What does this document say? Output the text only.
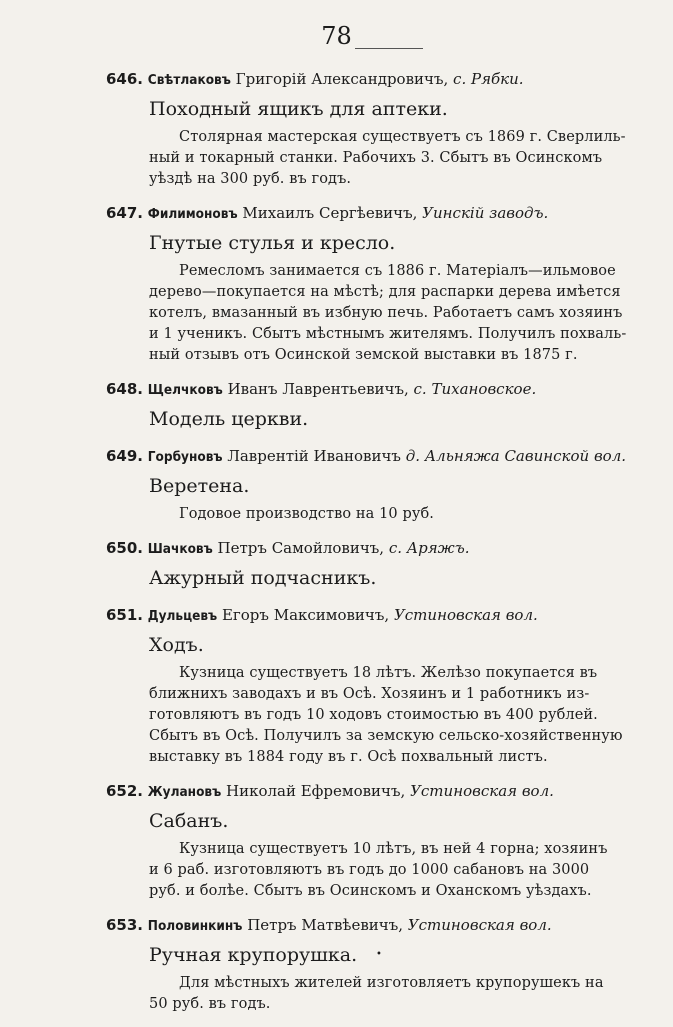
78
646. Свѣтлаковъ Григорій Александровичъ, с. Рябки.
Походный ящикъ для аптеки.
Столярная мастерская существуетъ съ 1869 г. Сверлиль-
ный и токарный станки. Рабочихъ 3. Сбытъ въ Осинскомъ
уѣздѣ на 300 руб. въ годъ.
647. Филимоновъ Михаилъ Сергѣевичъ, Уинскій заводъ.
Гнутые стулья и кресло.
Ремесломъ занимается съ 1886 г. Матеріалъ—ильмовое
дерево—покупается на мѣстѣ; для распарки дерева имѣется
котелъ, вмазанный въ избную печь. Работаетъ самъ хозяинъ
и 1 ученикъ. Сбытъ мѣстнымъ жителямъ. Получилъ похваль-
ный отзывъ отъ Осинской земской выставки въ 1875 г.
648. Щелчковъ Иванъ Лаврентьевичъ, с. Тихановское.
Модель церкви.
649. Горбуновъ Лаврентій Ивановичъ д. Альняжа Савинской вол.
Веретена.
Годовое производство на 10 руб.
650. Шачковъ Петръ Самойловичъ, с. Аряжъ.
Ажурный подчасникъ.
651. Дульцевъ Егоръ Максимовичъ, Устиновская вол.
Ходъ.
Кузница существуетъ 18 лѣтъ. Желѣзо покупается въ
ближнихъ заводахъ и въ Осѣ. Хозяинъ и 1 работникъ из-
готовляютъ въ годъ 10 ходовъ стоимостью въ 400 рублей.
Сбытъ въ Осѣ. Получилъ за земскую сельско-хозяйственную
выставку въ 1884 году въ г. Осѣ похвальный листъ.
652. Жулановъ Николай Ефремовичъ, Устиновская вол.
Сабанъ.
Кузница существуетъ 10 лѣтъ, въ ней 4 горна; хозяинъ
и 6 раб. изготовляютъ въ годъ до 1000 сабановъ на 3000
руб. и болѣе. Сбытъ въ Осинскомъ и Оханскомъ уѣздахъ.
653. Половинкинъ Петръ Матвѣевичъ, Устиновская вол.
Ручная крупорушка.
Для мѣстныхъ жителей изготовляетъ крупорушекъ на
50 руб. въ годъ.
•
